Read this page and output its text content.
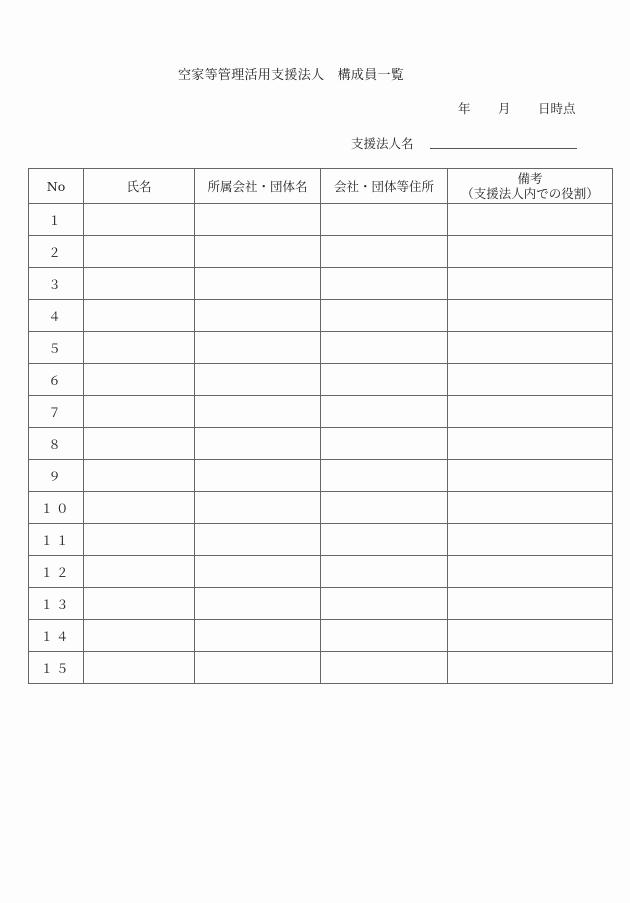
空家等管理活用支援法人　構成員一覧
年 月 日時点
支援法人名
No	氏名	所属会社・団体名	会社・団体等住所	備考
（支援法人内での役割）

１				
２				
３				
４				
５				
６				
７				
８				
９				
１０				
１１				
１２				
１３				
１４				
１５				
